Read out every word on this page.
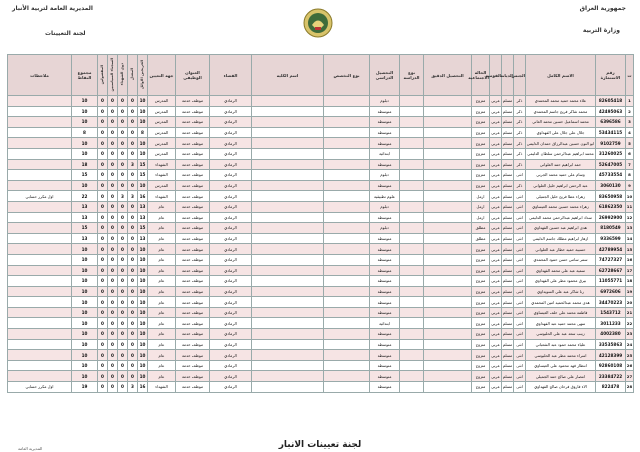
جمهورية العراق
وزارة التربية
المديرية العامة لتربية الأنبار
لجنة التعيينات
ت	رقم الاستمارة	الاسم الكامل	الجنس	الديانة	القومية	الحالة الاجتماعية	التحصيل الدقيق	نوع الدراسة	التحصيل الدراسي	نوع التخصص	اسم الكلية	القضاء	العنوان الوظيفي	جهة التعيين	الخريجين الاوائل	المعدل	ذوي الشهداء	السجناء السياسيين	المفصولين	مجموع النقاط	ملاحظات
1	82605418	علاء محمد حميد محمد المحمدي	ذكر	مسلم	عربي	متزوج			دبلوم			الرمادي	موظف خدمة	المدرس	10	0	0	0	0	10	
2	42495063	محمد شاكر فريح جاسم المحمدي	ذكر	مسلم	عربي	متزوج			متوسطة			الرمادي	موظف خدمة	المدرس	10	0	0	0	0	10	
3	6396586	محمد اسماعيل حسين محمد العاني	ذكر	مسلم	عربي	متزوج			متوسطة			الرمادي	موظف خدمة	المدرس	10	0	0	0	0	10	
4	53434115	جلال علي جلال علي الفهداوي	ذكر	مسلم	عربي	متزوج			متوسطة			الرمادي	موظف خدمة	المدرس	8	0	0	0	0	8	
5	9102759	ابو النون حسين عبدالرزاق حمدان الدليمي	ذكر	مسلم	عربي	متزوج			متوسطة			الرمادي	موظف خدمة	المدرس	10	0	0	0	0	10	
6	31260025	محمد ابراهيم عبدالرحمن سلطان الدليمي	ذكر	مسلم	عربي	متزوج			ابتدائية			الرمادي	موظف خدمة	المدرس	10	0	0	0	0	10	
7	52647005	حمد ابراهيم حمد العلواني	ذكر	مسلم	عربي	متزوج			متوسطة			الرمادي	موظف خدمة	الشهداء	15	3	0	0	0	18	
8	45733554	وسام علي حميد محمد الجربي	انثى	مسلم	عربي	متزوج			دبلوم			الرمادي	موظف خدمة	الشهداء	15	0	0	0	0	15	
9	3060130	عبد الرحمن ابراهيم خليل العلواني	ذكر	مسلم	عربي	متزوج			متوسطة			الرمادي	موظف خدمة	المدرس	10	0	0	0	0	10	
10	83650958	زهراء عطا فريح خليل الجميلي	انثى	مسلم	عربي	ارمل			علوم تطبيقية			الرمادي	موظف خدمة	الشهداء	16	3	3	0	0	22	اول مكرر حسابي
11	61862350	زهراء محمد حسين محمد العيساوي	انثى	مسلم	عربي	ارمل			دبلوم			الرمادي	موظف خدمة	عام	13	0	0	0	0	13	
12	26992900	سداد ابراهيم عبدالرحمن محمد الدليمي	انثى	مسلم	عربي	ارمل			متوسطة			الرمادي	موظف خدمة	عام	13	0	0	0	0	13	
13	8180549	هدى ابراهيم عبد حسين الفهداوي	انثى	مسلم	عربي	مطلق			دبلوم			الرمادي	موظف خدمة	عام	15	0	0	0	0	15	
14	9336599	ازهار ابراهيم مطلك جاسم الدليمي	انثى	مسلم	عربي	مطلق			متوسطة			الرمادي	موظف خدمة	عام	13	0	0	0	0	13	
15	42789954	حسيبة حميد خطار عبد العلواني	انثى	مسلم	عربي	متزوج			متوسطة			الرمادي	موظف خدمة	عام	10	0	0	0	0	10	
16	74727327	سمر سامي حسن حمود المحمدي	انثى	مسلم	عربي	متزوج			متوسطة			الرمادي	موظف خدمة	عام	10	0	0	0	0	10	
17	62728667	سمية عبد علي محمد الفهداوي	انثى	مسلم	عربي	متزوج			متوسطة			الرمادي	موظف خدمة	عام	10	0	0	0	0	10	
18	11055771	بيرق محمود مطر علي الفهداوي	انثى	مسلم	عربي	متزوج			متوسطة			الرمادي	موظف خدمة	عام	10	0	0	0	0	10	
19	6972606	رنا شاكر عبد علي السويداوي	انثى	مسلم	عربي	متزوج			متوسطة			الرمادي	موظف خدمة	عام	10	0	0	0	0	10	
20	34470223	هدى محمد عبدالحميد امين المحمدي	انثى	مسلم	عربي	متزوج			متوسطة			الرمادي	موظف خدمة	عام	10	0	0	0	0	10	
21	1543712	فاطمة محمد علي خلف العيساوي	انثى	مسلم	عربي	متزوج			متوسطة			الرمادي	موظف خدمة	عام	10	0	0	0	0	10	
22	3011233	سهى محمد حميد عبد الفهداوي	انثى	مسلم	عربي	متزوج			ابتدائية			الرمادي	موظف خدمة	عام	10	0	0	0	0	10	
23	4002380	زينب سعد عبد علي الحلبوسي	انثى	مسلم	عربي	متزوج			متوسطة			الرمادي	موظف خدمة	عام	10	0	0	0	0	10	
24	33535863	علياء محمد حمود عبد الشعباني	انثى	مسلم	عربي	متزوج			متوسطة			الرمادي	موظف خدمة	عام	10	0	0	0	0	10	
25	42128399	اسراء محمد مطر عبد الحلبوسي	انثى	مسلم	عربي	متزوج			متوسطة			الرمادي	موظف خدمة	عام	10	0	0	0	0	10	
26	92860108	انتظار فهد محمود علي العيساوي	انثى	مسلم	عربي	متزوج			متوسطة			الرمادي	موظف خدمة	عام	10	0	0	0	0	10	
27	23384722	انتصار علي صالح حمد الجميلي	انثى	مسلم	عربي	متزوج			متوسطة			الرمادي	موظف خدمة	عام	10	0	0	0	0	10	
28	822478	الاء فاروق فرحان صالح الفهداوي	انثى	مسلم	عربي	متزوج			متوسطة			الرمادي	موظف خدمة	الشهداء	16	3	0	0	0	19	اول مكرر حسابي
لجنة تعيينات الانبار
المديرية العامة
